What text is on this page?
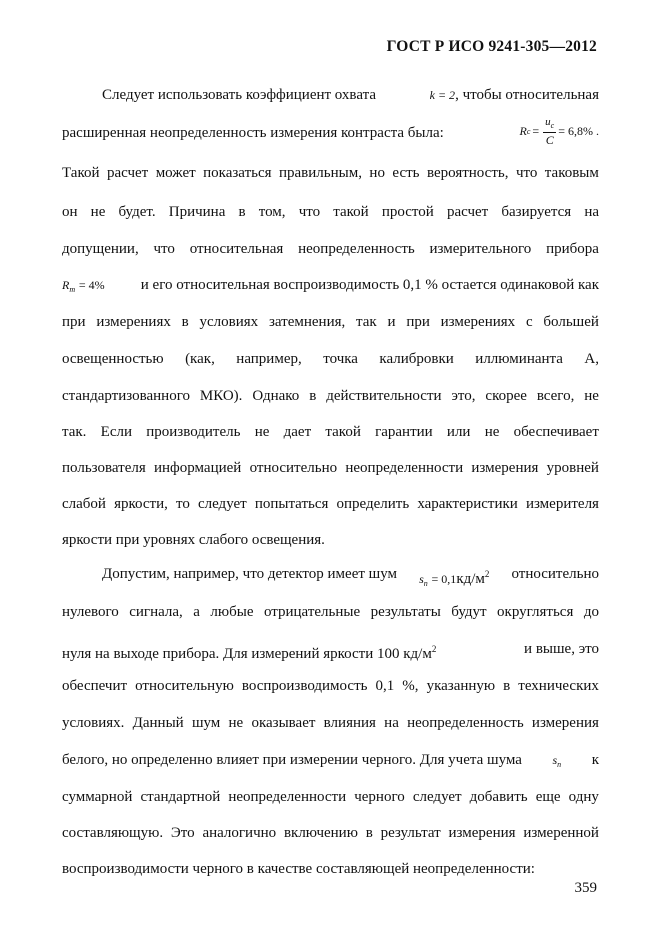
ГОСТ Р ИСО 9241-305—2012
Следует использовать коэффициент охвата	k = 2, чтобы относительная
расширенная неопределенность измерения контраста была:	R $c = \frac{u_c}{C} = 6,8\%$ .
Такой расчет может показаться правильным, но есть вероятность, что таковым
он не будет. Причина в том, что такой простой расчет базируется на
допущении, что относительная неопределенность измерительного прибора
$R_m = 4\%$ и его относительная воспроизводимость 0,1 % остается одинаковой как
при измерениях в условиях затемнения, так и при измерениях с большей
освещенностью (как, например, точка калибровки иллюминанта А,
стандартизованного МКО). Однако в действительности это, скорее всего, не
так. Если производитель не дает такой гарантии или не обеспечивает
пользователя информацией относительно неопределенности измерения уровней
слабой яркости, то следует попытаться определить характеристики измерителя
яркости при уровнях слабого освещения.
Допустим, например, что детектор имеет шум $s_n = 0,1кд/м^2$ относительно
нулевого сигнала, а любые отрицательные результаты будут округляться до
нуля на выходе прибора. Для измерений яркости 100 $кд/м^2$	и выше, это
обеспечит относительную воспроизводимость 0,1 %, указанную в технических
условиях. Данный шум не оказывает влияния на неопределенность измерения
белого, но определенно влияет при измерении черного. Для учета шума	$s_n$ к
суммарной стандартной неопределенности черного следует добавить еще одну
составляющую. Это аналогично включению в результат измерения измеренной
воспроизводимости черного в качестве составляющей неопределенности:
359
